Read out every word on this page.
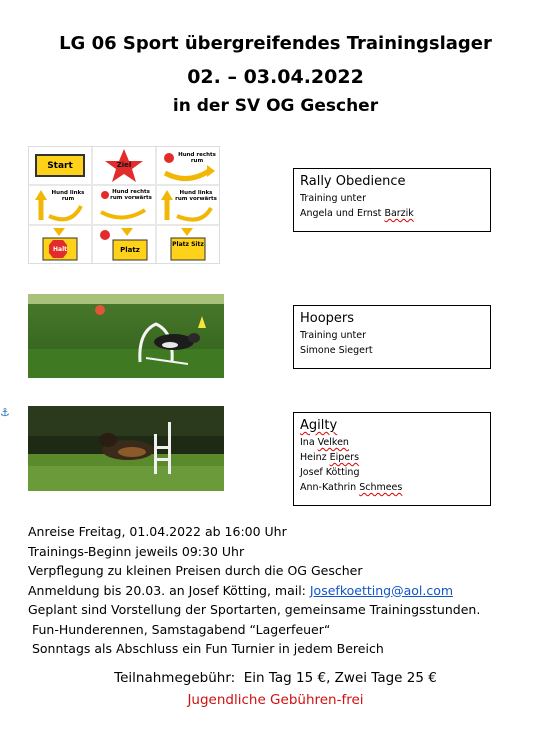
LG 06 Sport übergreifendes Trainingslager
02. – 03.04.2022
in der SV OG Gescher
Start	Ziel
Hund rechts rum
Hund links rum
Hund rechts rum vorwärts
Hund links rum vorwärts
Halt	Platz
Platz Sitz
⚓
Rally Obedience
Training unter
Angela und Ernst Barzik
Hoopers
Training unter
Simone Siegert
Agilty
Ina Velken
Heinz Eipers
Josef Kötting
Ann-Kathrin Schmees
Anreise Freitag, 01.04.2022 ab 16:00 Uhr
Trainings-Beginn jeweils 09:30 Uhr
Verpflegung zu kleinen Preisen durch die OG Gescher
Anmeldung bis 20.03. an Josef Kötting, mail: Josefkoetting@aol.com
Geplant sind Vorstellung der Sportarten, gemeinsame Trainingsstunden.
Fun-Hunderennen, Samstagabend “Lagerfeuer“
Sonntags als Abschluss ein Fun Turnier in jedem Bereich
Teilnahmegebühr:  Ein Tag 15 €, Zwei Tage 25 €
Jugendliche Gebühren-frei
